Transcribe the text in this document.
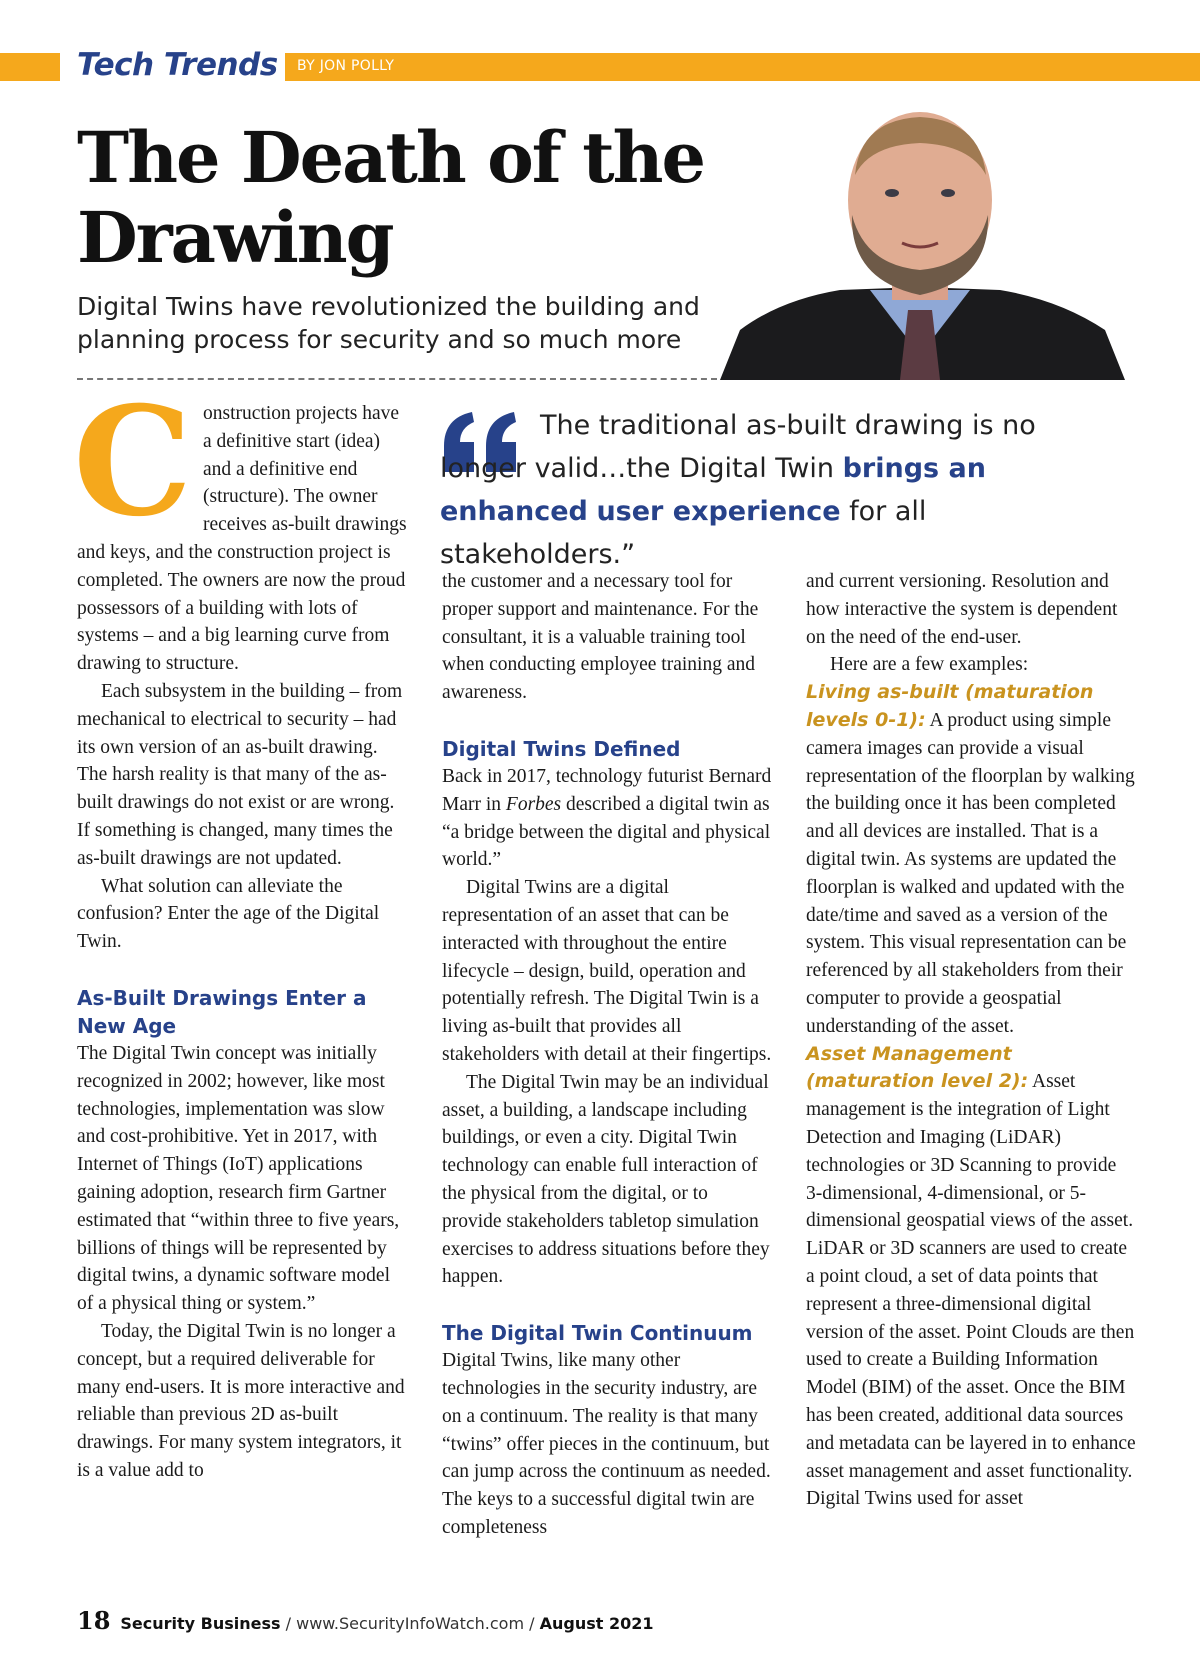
Tech Trends BY JON POLLY
The Death of the Drawing
Digital Twins have revolutionized the building and planning process for security and so much more
The traditional as-built drawing is no longer valid…the Digital Twin brings an enhanced user experience for all stakeholders.”
C onstruction projects have a definitive start (idea) and a definitive end (structure). The owner receives as-built drawings and keys, and the construction project is completed. The owners are now the proud possessors of a building with lots of systems – and a big learning curve from drawing to structure.

Each subsystem in the building – from mechanical to electrical to security – had its own version of an as-built drawing. The harsh reality is that many of the as-built drawings do not exist or are wrong. If something is changed, many times the as-built drawings are not updated.

What solution can alleviate the confusion? Enter the age of the Digital Twin.

As-Built Drawings Enter a New Age

The Digital Twin concept was initially recognized in 2002; however, like most technologies, implementation was slow and cost-prohibitive. Yet in 2017, with Internet of Things (IoT) applications gaining adoption, research firm Gartner estimated that “within three to five years, billions of things will be represented by digital twins, a dynamic software model of a physical thing or system.”

Today, the Digital Twin is no longer a concept, but a required deliverable for many end-users. It is more interactive and reliable than previous 2D as-built drawings. For many system integrators, it is a value add to

the customer and a necessary tool for proper support and maintenance. For the consultant, it is a valuable training tool when conducting employee training and awareness.

Digital Twins Defined

Back in 2017, technology futurist Bernard Marr in Forbes described a digital twin as “a bridge between the digital and physical world.”

Digital Twins are a digital representation of an asset that can be interacted with throughout the entire lifecycle – design, build, operation and potentially refresh. The Digital Twin is a living as-built that provides all stakeholders with detail at their fingertips.

The Digital Twin may be an individual asset, a building, a landscape including buildings, or even a city. Digital Twin technology can enable full interaction of the physical from the digital, or to provide stakeholders tabletop simulation exercises to address situations before they happen.

The Digital Twin Continuum

Digital Twins, like many other technologies in the security industry, are on a continuum. The reality is that many “twins” offer pieces in the continuum, but can jump across the continuum as needed. The keys to a successful digital twin are completeness

and current versioning. Resolution and how interactive the system is dependent on the need of the end-user.

Here are a few examples:

Living as-built (maturation levels 0-1): A product using simple camera images can provide a visual representation of the floorplan by walking the building once it has been completed and all devices are installed. That is a digital twin. As systems are updated the floorplan is walked and updated with the date/time and saved as a version of the system. This visual representation can be referenced by all stakeholders from their computer to provide a geospatial understanding of the asset.

Asset Management (maturation level 2): Asset management is the integration of Light Detection and Imaging (LiDAR) technologies or 3D Scanning to provide 3-dimensional, 4-dimensional, or 5-dimensional geospatial views of the asset. LiDAR or 3D scanners are used to create a point cloud, a set of data points that represent a three-dimensional digital version of the asset. Point Clouds are then used to create a Building Information Model (BIM) of the asset. Once the BIM has been created, additional data sources and metadata can be layered in to enhance asset management and asset functionality. Digital Twins used for asset

18 Security Business / www.SecurityInfoWatch.com / August 2021
